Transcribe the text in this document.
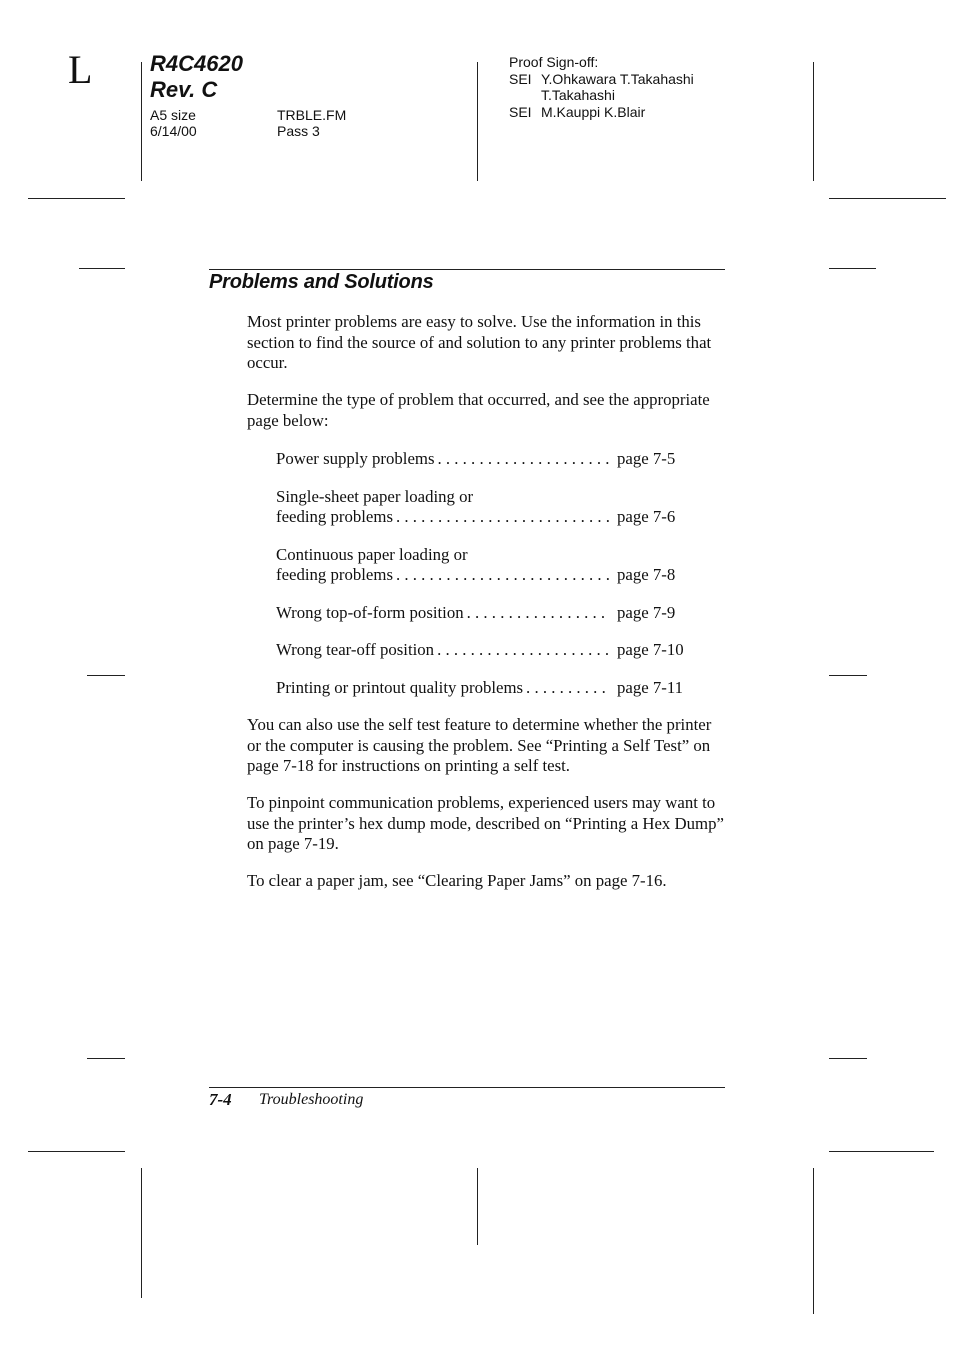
L	R4C4620
Rev. C
A5 size
6/14/00
TRBLE.FM
Pass 3
Proof Sign-off:
SEI Y.Ohkawara T.Takahashi
T.Takahashi
SEI M.Kauppi K.Blair
Problems and Solutions
Most printer problems are easy to solve. Use the information in this section to find the source of and solution to any printer problems that occur.
Determine the type of problem that occurred, and see the appropriate page below:
Power supply problems . . .	page 7-5
Single-sheet paper loading or
feeding problems . . .	page 7-6
Continuous paper loading or
feeding problems . . .	page 7-8
Wrong top-of-form position . . .	page 7-9
Wrong tear-off position . . .	page 7-10
Printing or printout quality problems . . .	page 7-11
You can also use the self test feature to determine whether the printer or the computer is causing the problem. See “Printing a Self Test” on page 7-18 for instructions on printing a self test.
To pinpoint communication problems, experienced users may want to use the printer’s hex dump mode, described on “Printing a Hex Dump” on page 7-19.
To clear a paper jam, see “Clearing Paper Jams” on page 7-16.
7-4 Troubleshooting
